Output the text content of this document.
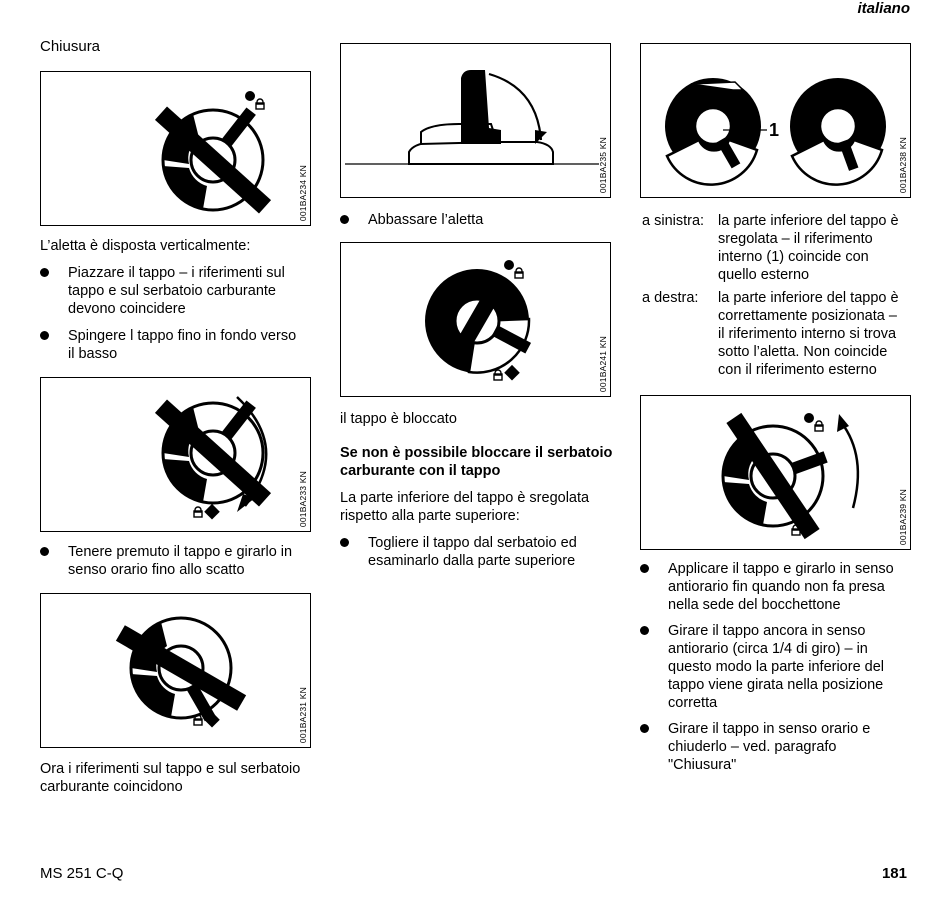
italiano
Chiusura
001BA234 KN
L’aletta è disposta verticalmente:
Piazzare il tappo – i riferimenti sul
tappo e sul serbatoio carburante
devono coincidere
Spingere l tappo fino in fondo verso
il basso
001BA233 KN
Tenere premuto il tappo e girarlo in
senso orario fino allo scatto
001BA231 KN
Ora i riferimenti sul tappo e sul serbatoio
carburante coincidono
001BA235 KN
Abbassare l’aletta
001BA241 KN
il tappo è bloccato
Se non è possibile bloccare il serbatoio
carburante con il tappo
La parte inferiore del tappo è sregolata
rispetto alla parte superiore:
Togliere il tappo dal serbatoio ed
esaminarlo dalla parte superiore
1
001BA238 KN
a sinistra: la parte inferiore del tappo è
sregolata – il riferimento
interno (1) coincide con
quello esterno
a destra: la parte inferiore del tappo è
correttamente posizionata –
il riferimento interno si trova
sotto l’aletta. Non coincide
con il riferimento esterno
001BA239 KN
Applicare il tappo e girarlo in senso
antiorario fin quando non fa presa
nella sede del bocchettone
Girare il tappo ancora in senso
antiorario (circa 1/4 di giro) – in
questo modo la parte inferiore del
tappo viene girata nella posizione
corretta
Girare il tappo in senso orario e
chiuderlo – ved. paragrafo
"Chiusura"
MS 251 C-Q	181
